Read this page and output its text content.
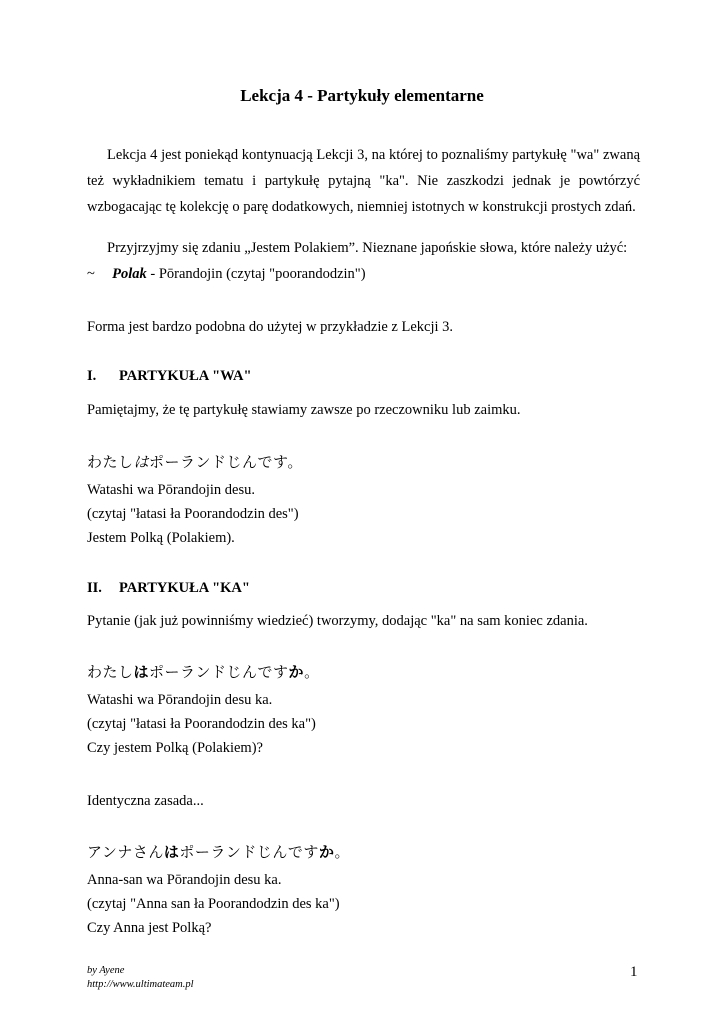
Lekcja 4 - Partykuły elementarne
Lekcja 4 jest poniekąd kontynuacją Lekcji 3, na której to poznaliśmy partykułę "wa" zwaną też wykładnikiem tematu i partykułę pytajną "ka". Nie zaszkodzi jednak je powtórzyć wzbogacając tę kolekcję o parę dodatkowych, niemniej istotnych w konstrukcji prostych zdań.
Przyjrzyjmy się zdaniu „Jestem Polakiem”. Nieznane japońskie słowa, które należy użyć:
~ Polak - Pōrandojin (czytaj "poorandodzin")
Forma jest bardzo podobna do użytej w przykładzie z Lekcji 3.
I. PARTYKUŁA "WA"
Pamiętajmy, że tę partykułę stawiamy zawsze po rzeczowniku lub zaimku.
わたしはポーランドじんです。
Watashi wa Pōrandojin desu.
(czytaj "łatasi ła Poorandodzin des")
Jestem Polką (Polakiem).
II. PARTYKUŁA "KA"
Pytanie (jak już powinniśmy wiedzieć) tworzymy, dodając "ka" na sam koniec zdania.
わたしはポーランドじんですか。
Watashi wa Pōrandojin desu ka.
(czytaj "łatasi ła Poorandodzin des ka")
Czy jestem Polką (Polakiem)?
Identyczna zasada...
アンナさんはポーランドじんですか。
Anna-san wa Pōrandojin desu ka.
(czytaj "Anna san ła Poorandodzin des ka")
Czy Anna jest Polką?
by Ayene
http://www.ultimateam.pl
1
